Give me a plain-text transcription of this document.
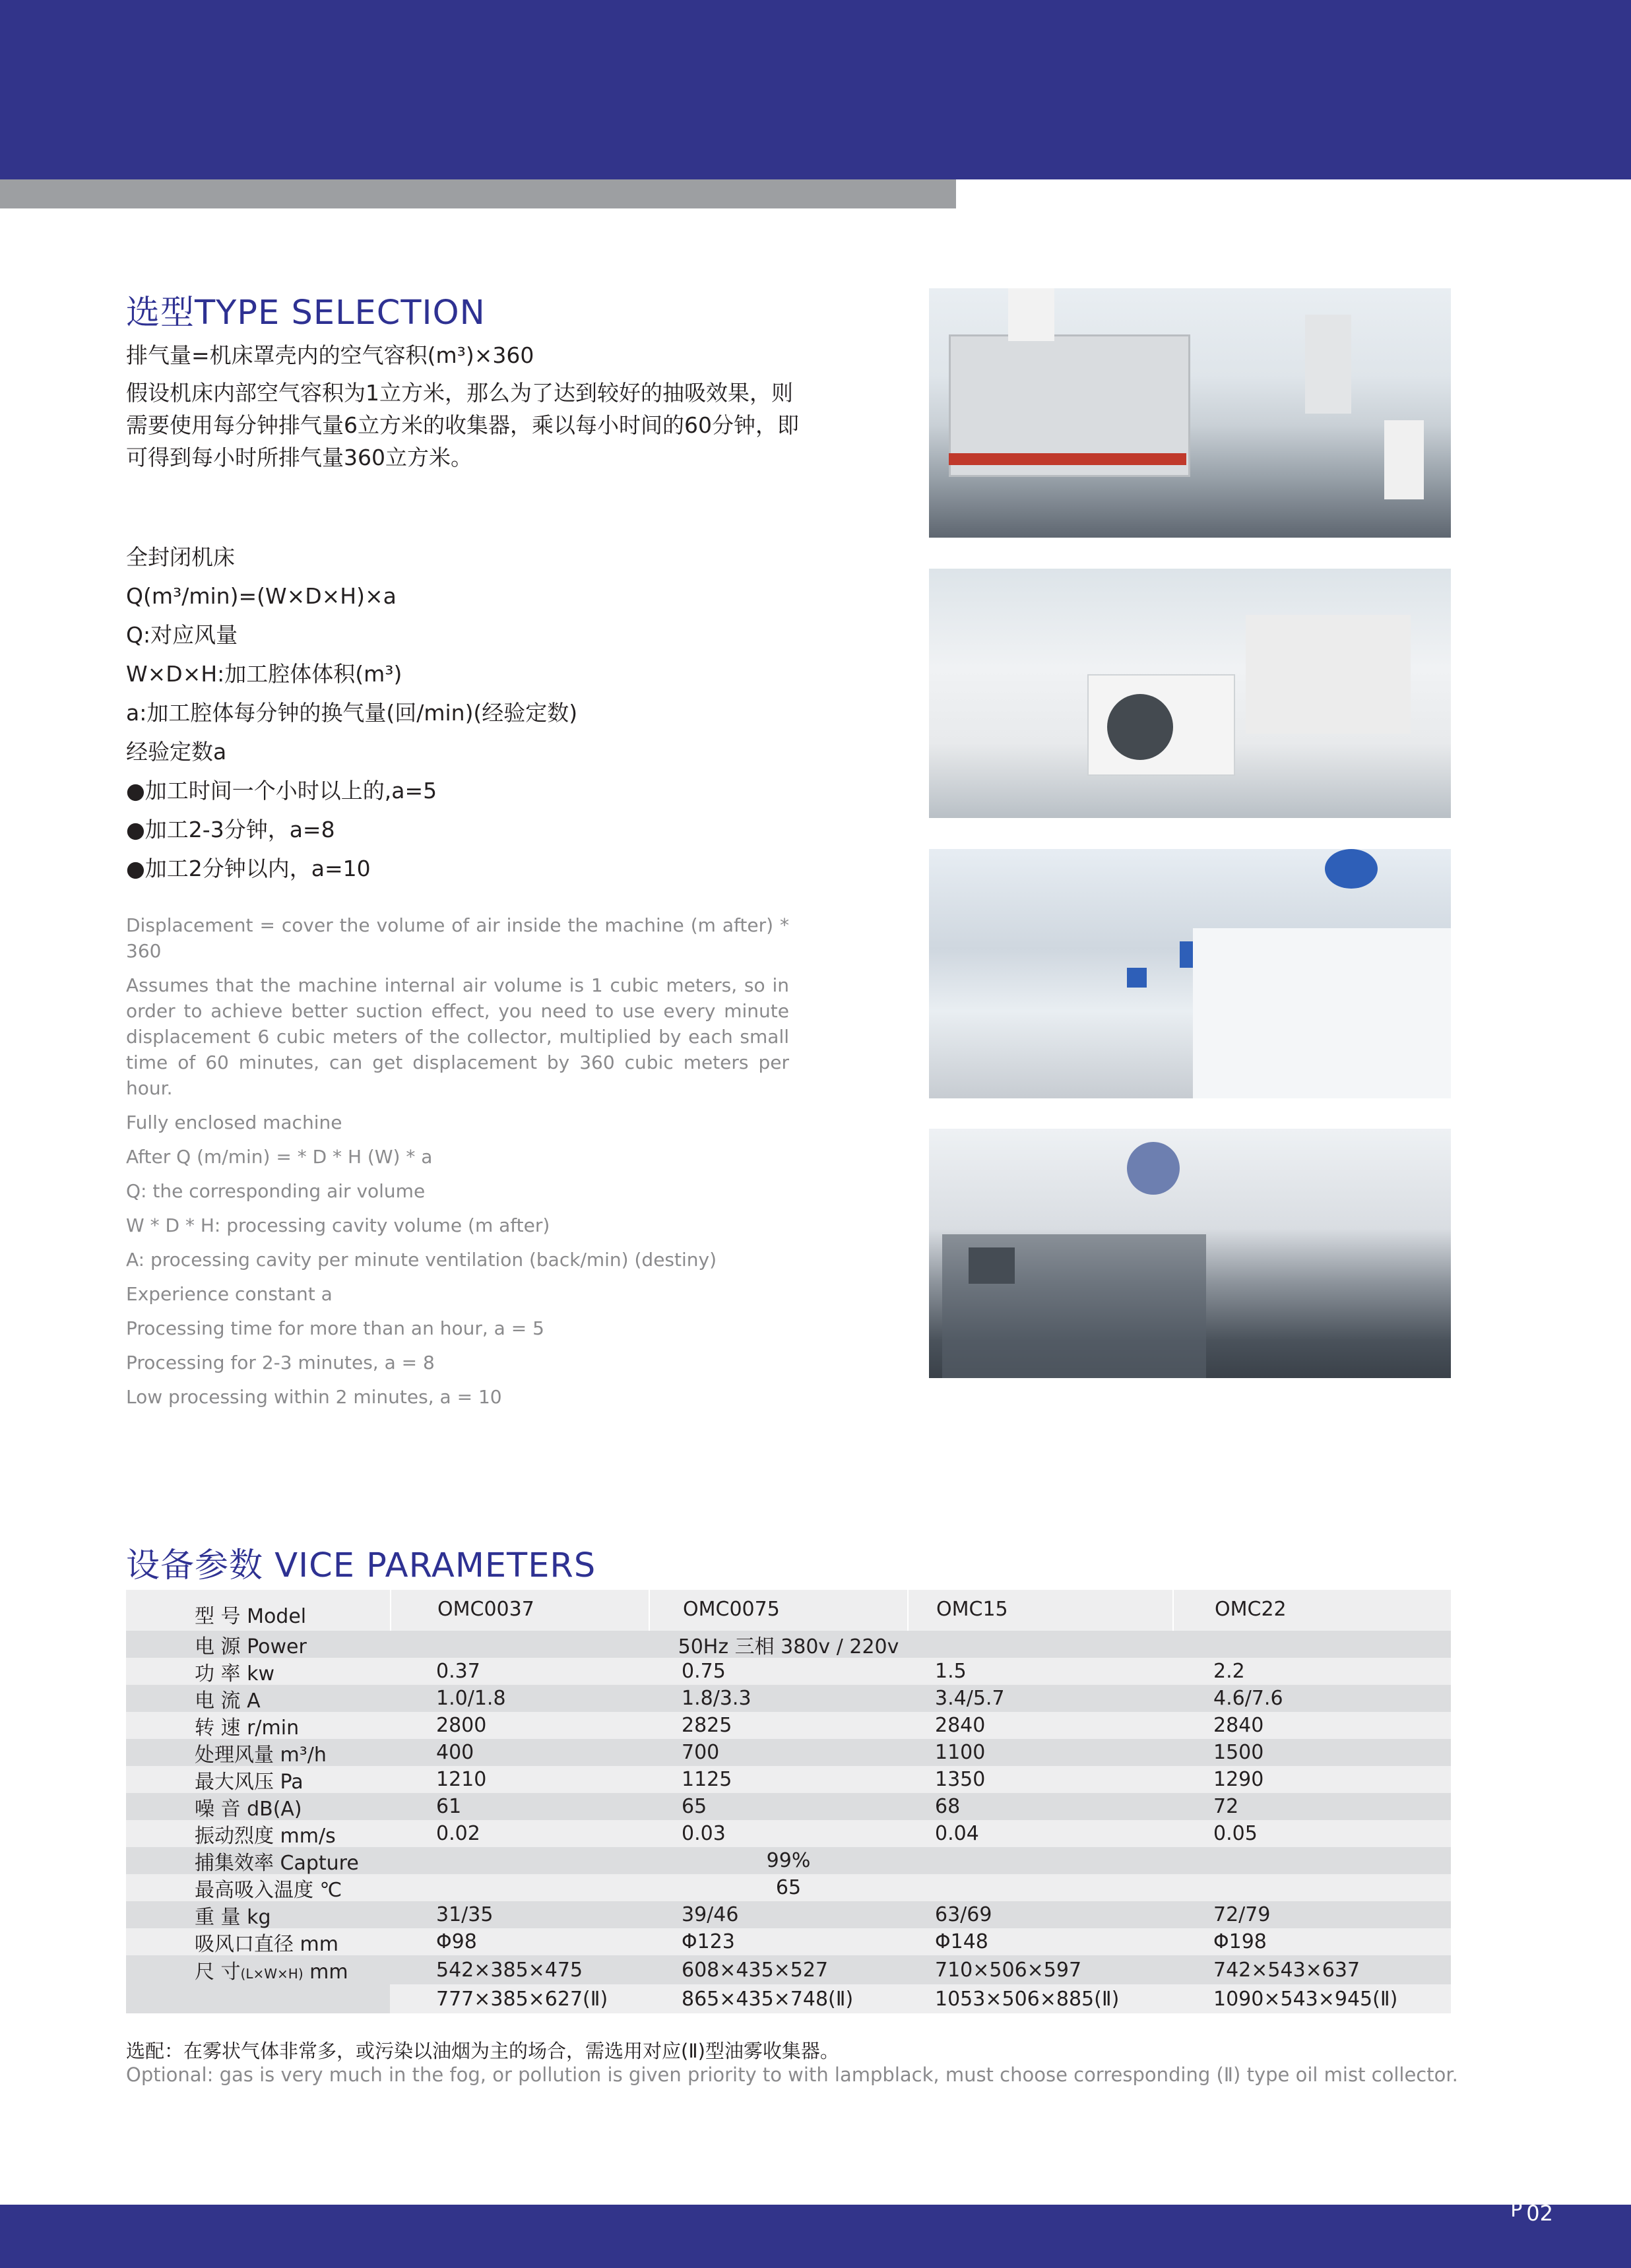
选型TYPE SELECTION

排气量=机床罩壳内的空气容积(m³)×360

假设机床内部空气容积为1立方米，那么为了达到较好的抽吸效果，则需要使用每分钟排气量6立方米的收集器，乘以每小时间的60分钟，即可得到每小时所排气量360立方米。

全封闭机床

Q(m³/min)=(W×D×H)×a

Q:对应风量

W×D×H:加工腔体体积(m³)

a:加工腔体每分钟的换气量(回/min)(经验定数)

经验定数a

●加工时间一个小时以上的,a=5

●加工2-3分钟，a=8

●加工2分钟以内，a=10

Displacement = cover the volume of air inside the machine (m after) * 360

Assumes that the machine internal air volume is 1 cubic meters, so in order to achieve better suction effect, you need to use every minute displacement 6 cubic meters of the collector, multiplied by each small time of 60 minutes, can get displacement by 360 cubic meters per hour.

Fully enclosed machine

After Q (m/min) = * D * H (W) * a

Q: the corresponding air volume

W * D * H: processing cavity volume (m after)

A: processing cavity per minute ventilation (back/min) (destiny)

Experience constant a

Processing time for more than an hour, a = 5

Processing for 2-3 minutes, a = 8

Low processing within 2 minutes, a = 10

设备参数 VICE PARAMETERS
型 号 Model	OMC0037	OMC0075	OMC15	OMC22
电 源 Power	50Hz 三相 380v / 220v
功 率 kw	0.37	0.75	1.5	2.2
电 流 A	1.0/1.8	1.8/3.3	3.4/5.7	4.6/7.6
转 速 r/min	2800	2825	2840	2840
处理风量 m³/h	400	700	1100	1500
最大风压 Pa	1210	1125	1350	1290
噪 音 dB(A)	61	65	68	72
振动烈度 mm/s	0.02	0.03	0.04	0.05
捕集效率 Capture	99%
最高吸入温度 ℃	65
重 量 kg	31/35	39/46	63/69	72/79
吸风口直径 mm	Φ98	Φ123	Φ148	Φ198
尺 寸(L×W×H) mm	542×385×475	608×435×527	710×506×597	742×543×637
777×385×627(Ⅱ)	865×435×748(Ⅱ)	1053×506×885(Ⅱ)	1090×543×945(Ⅱ)
选配：在雾状气体非常多，或污染以油烟为主的场合，需选用对应(Ⅱ)型油雾收集器。
Optional: gas is very much in the fog, or pollution is given priority to with lampblack, must choose corresponding (Ⅱ) type oil mist collector.
P 02
